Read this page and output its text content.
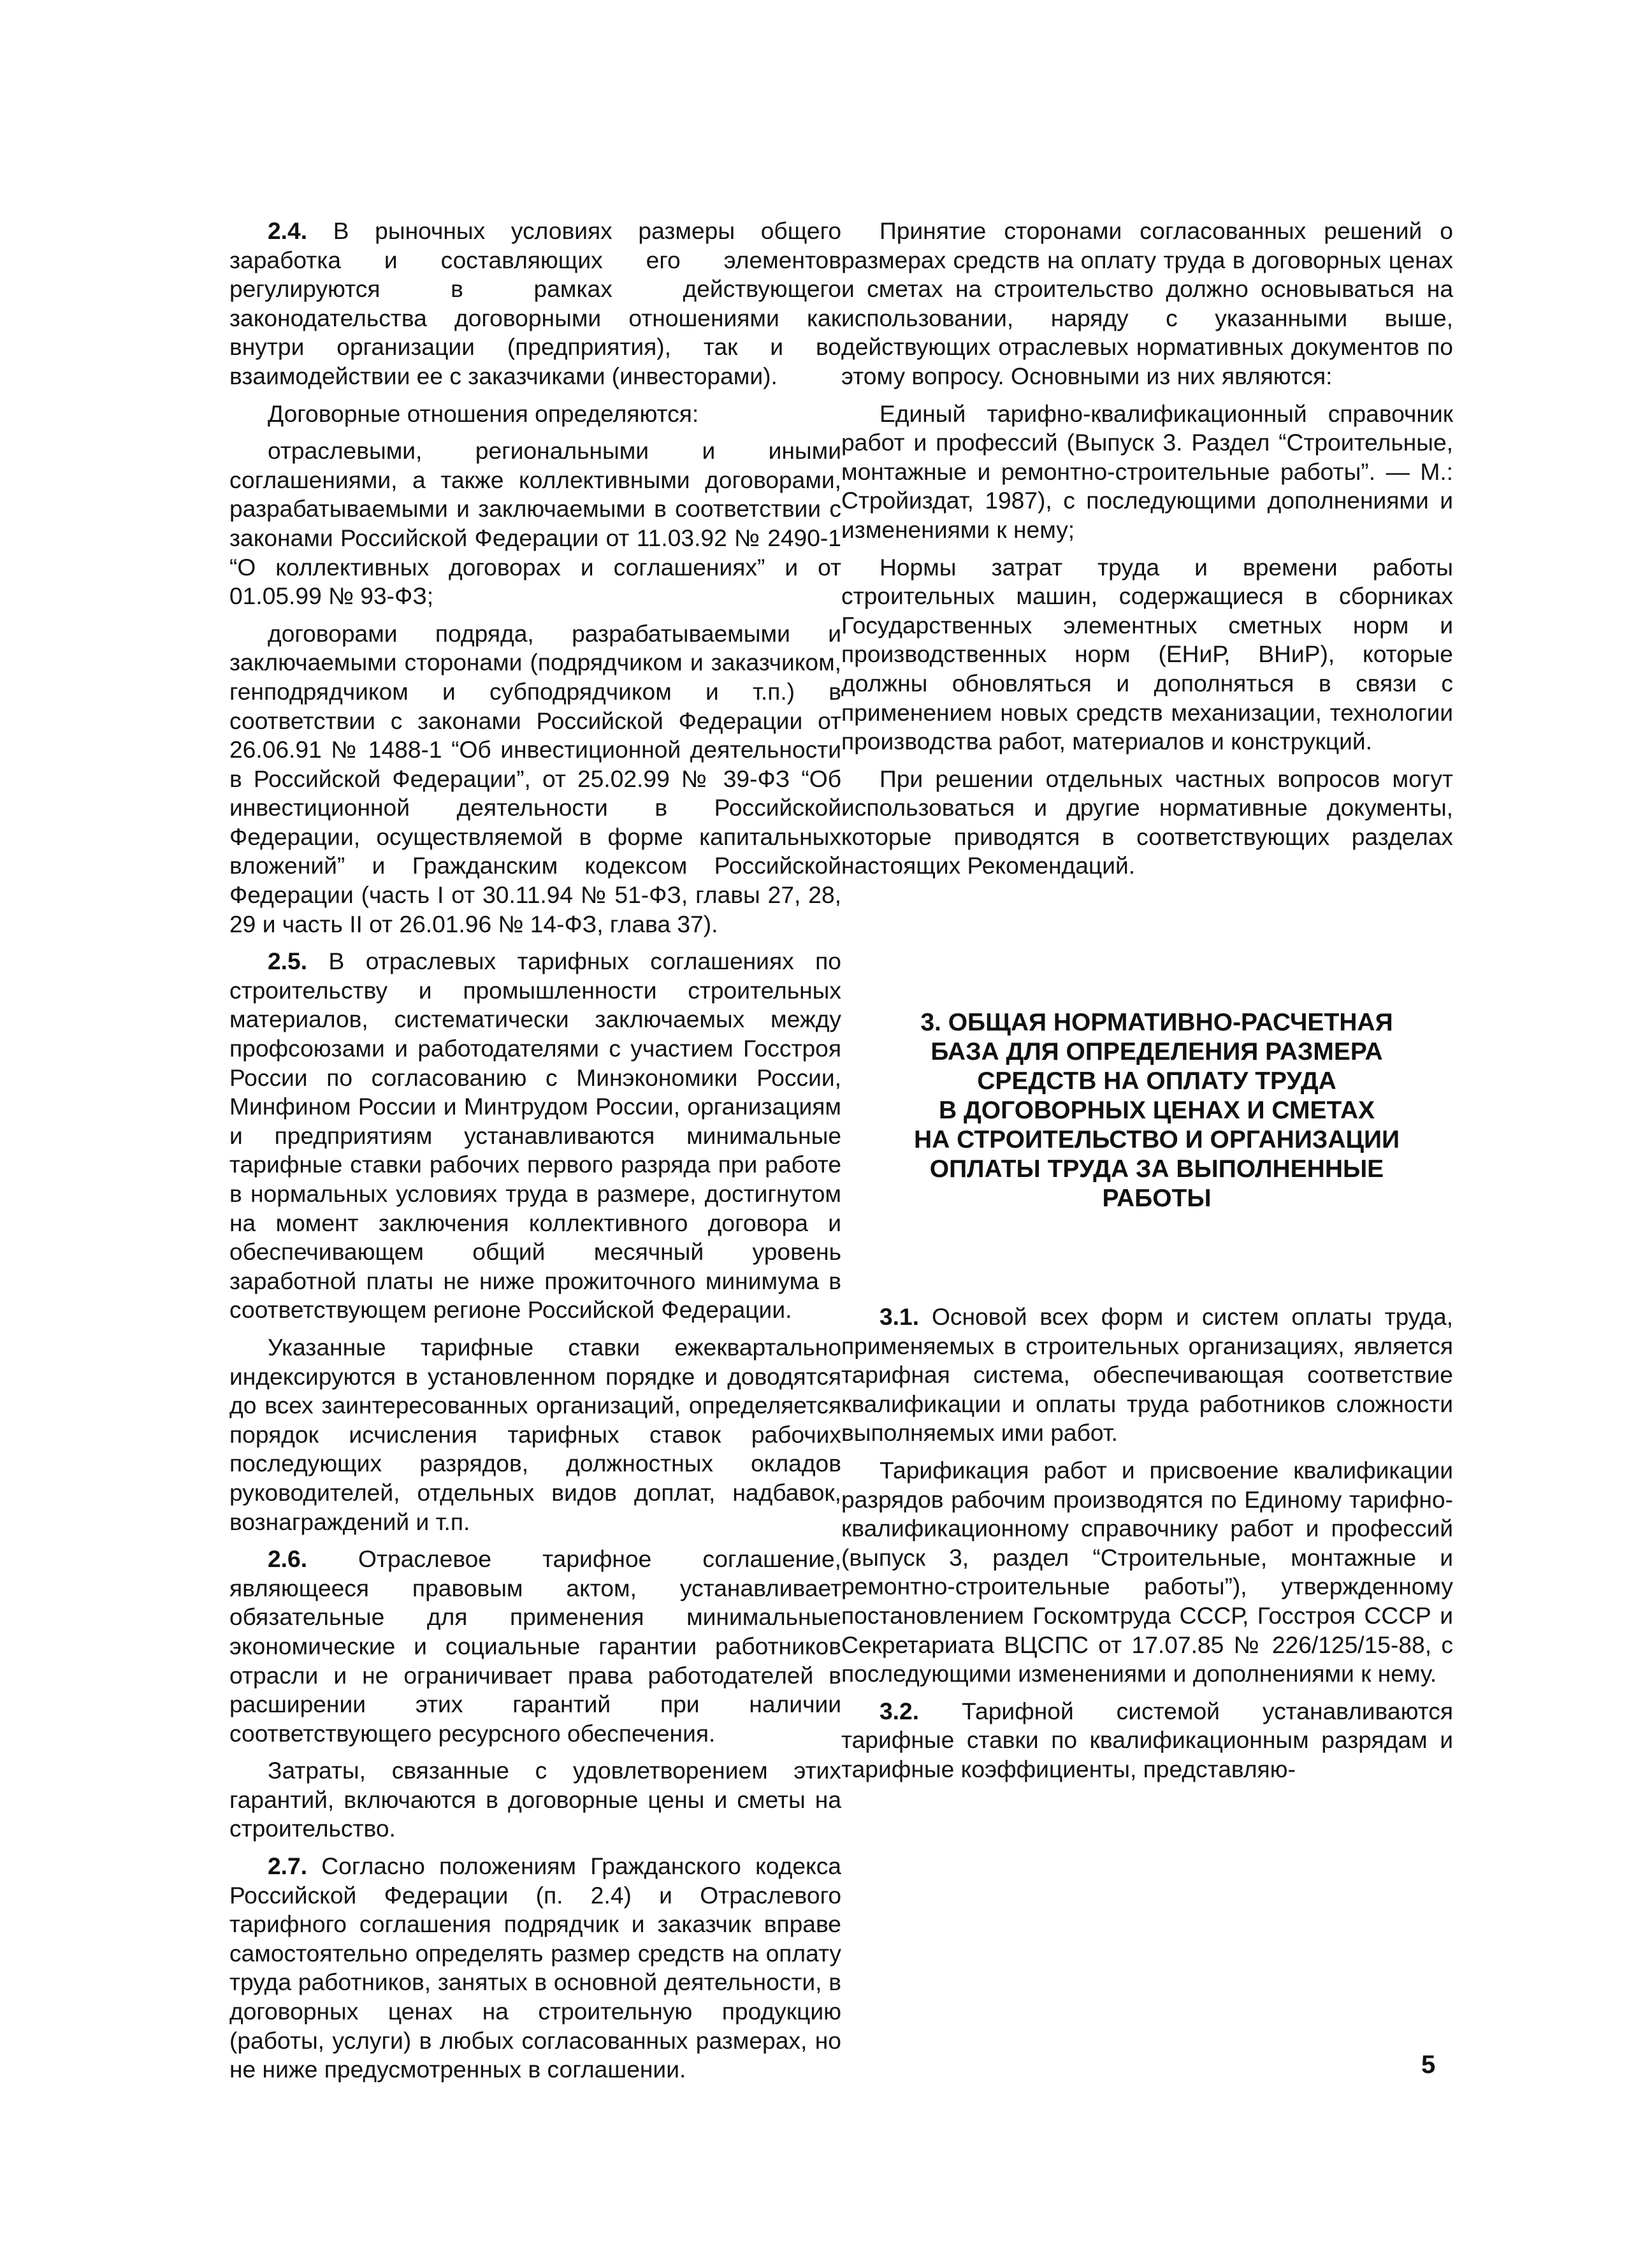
2.4. В рыночных условиях размеры общего заработка и составляющих его элементов регулируются в рамках действующего законодательства договорными отношениями как внутри организации (предприятия), так и во взаимодействии ее с заказчиками (инвесторами).

Договорные отношения определяются:

отраслевыми, региональными и иными соглашениями, а также коллективными договорами, разрабатываемыми и заключаемыми в соответствии с законами Российской Федерации от 11.03.92 № 2490-1 “О коллективных договорах и соглашениях” и от 01.05.99 № 93-ФЗ;

договорами подряда, разрабатываемыми и заключаемыми сторонами (подрядчиком и заказчиком, генподрядчиком и субподрядчиком и т.п.) в соответствии с законами Российской Федерации от 26.06.91 № 1488-1 “Об инвестиционной деятельности в Российской Федерации”, от 25.02.99 № 39-ФЗ “Об инвестиционной деятельности в Российской Федерации, осуществляемой в форме капитальных вложений” и Гражданским кодексом Российской Федерации (часть I от 30.11.94 № 51-ФЗ, главы 27, 28, 29 и часть II от 26.01.96 № 14-ФЗ, глава 37).

2.5. В отраслевых тарифных соглашениях по строительству и промышленности строительных материалов, систематически заключаемых между профсоюзами и работодателями с участием Госстроя России по согласованию с Минэкономики России, Минфином России и Минтрудом России, организациям и предприятиям устанавливаются минимальные тарифные ставки рабочих первого разряда при работе в нормальных условиях труда в размере, достигнутом на момент заключения коллективного договора и обеспечивающем общий месячный уровень заработной платы не ниже прожиточного минимума в соответствующем регионе Российской Федерации.

Указанные тарифные ставки ежеквартально индексируются в установленном порядке и доводятся до всех заинтересованных организаций, определяется порядок исчисления тарифных ставок рабочих последующих разрядов, должностных окладов руководителей, отдельных видов доплат, надбавок, вознаграждений и т.п.

2.6. Отраслевое тарифное соглашение, являющееся правовым актом, устанавливает обязательные для применения минимальные экономические и социальные гарантии работников отрасли и не ограничивает права работодателей в расширении этих гарантий при наличии соответствующего ресурсного обеспечения.

Затраты, связанные с удовлетворением этих гарантий, включаются в договорные цены и сметы на строительство.

2.7. Согласно положениям Гражданского кодекса Российской Федерации (п. 2.4) и Отраслевого тарифного соглашения подрядчик и заказчик вправе самостоятельно определять размер средств на оплату труда работников, занятых в основной деятельности, в договорных ценах на строительную продукцию (работы, услуги) в любых согласованных размерах, но не ниже предусмотренных в соглашении.

Принятие сторонами согласованных решений о размерах средств на оплату труда в договорных ценах и сметах на строительство должно основываться на использовании, наряду с указанными выше, действующих отраслевых нормативных документов по этому вопросу. Основными из них являются:

Единый тарифно-квалификационный справочник работ и профессий (Выпуск 3. Раздел “Строительные, монтажные и ремонтно-строительные работы”. — М.: Стройиздат, 1987), с последующими дополнениями и изменениями к нему;

Нормы затрат труда и времени работы строительных машин, содержащиеся в сборниках Государственных элементных сметных норм и производственных норм (ЕНиР, ВНиР), которые должны обновляться и дополняться в связи с применением новых средств механизации, технологии производства работ, материалов и конструкций.

При решении отдельных частных вопросов могут использоваться и другие нормативные документы, которые приводятся в соответствующих разделах настоящих Рекомендаций.

3. ОБЩАЯ НОРМАТИВНО-РАСЧЕТНАЯ
БАЗА ДЛЯ ОПРЕДЕЛЕНИЯ РАЗМЕРА
СРЕДСТВ НА ОПЛАТУ ТРУДА
В ДОГОВОРНЫХ ЦЕНАХ И СМЕТАХ
НА СТРОИТЕЛЬСТВО И ОРГАНИЗАЦИИ
ОПЛАТЫ ТРУДА ЗА ВЫПОЛНЕННЫЕ
РАБОТЫ

3.1. Основой всех форм и систем оплаты труда, применяемых в строительных организациях, является тарифная система, обеспечивающая соответствие квалификации и оплаты труда работников сложности выполняемых ими работ.

Тарификация работ и присвоение квалификации разрядов рабочим производятся по Единому тарифно-квалификационному справочнику работ и профессий (выпуск 3, раздел “Строительные, монтажные и ремонтно-строительные работы”), утвержденному постановлением Госкомтруда СССР, Госстроя СССР и Секретариата ВЦСПС от 17.07.85 № 226/125/15-88, с последующими изменениями и дополнениями к нему.

3.2. Тарифной системой устанавливаются тарифные ставки по квалификационным разрядам и тарифные коэффициенты, представляю-

5
